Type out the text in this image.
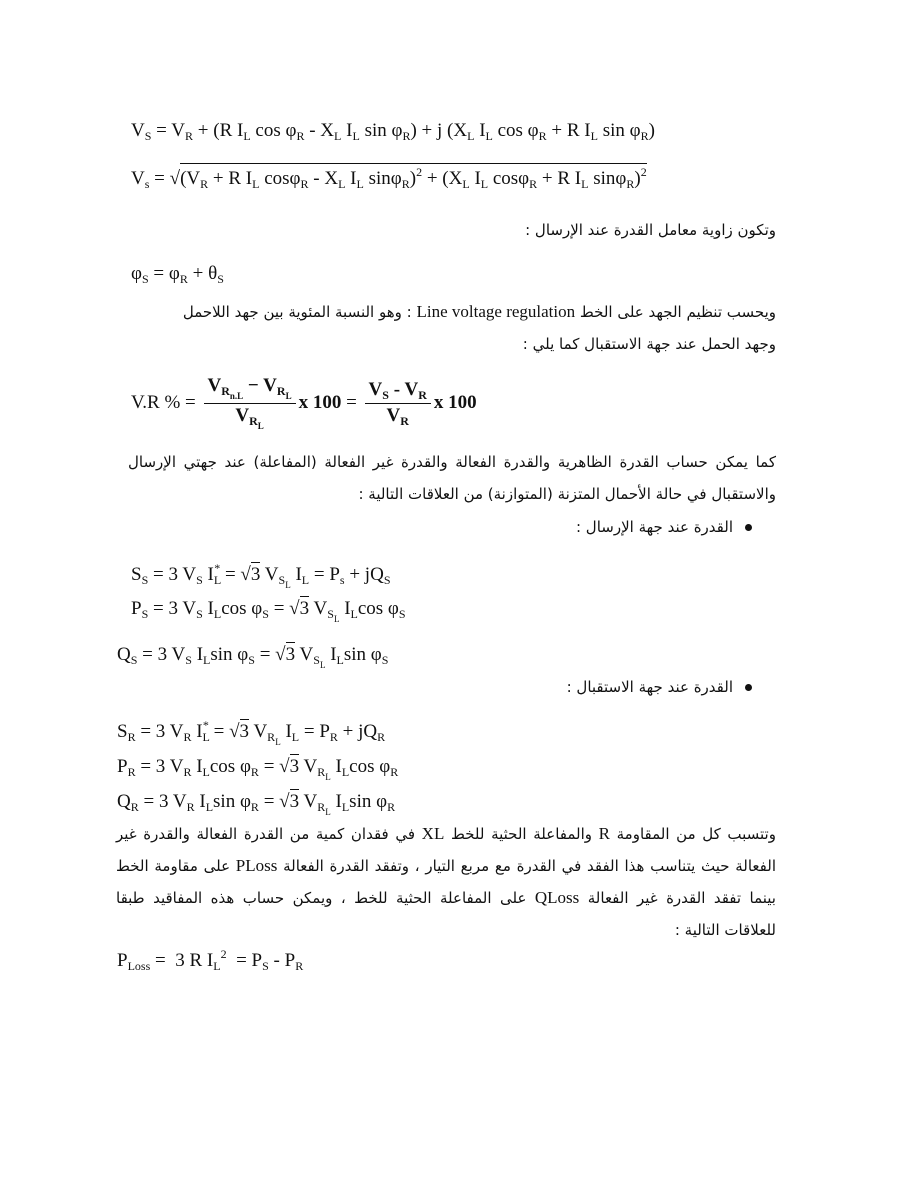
$V_S = V_R + (R$ $I_L$ $\cos \varphi_R - X_L$ $I_L$ $\sin \varphi_R) + j$ ($X_L$ $I_L$ $\cos \varphi_R + R$ $I_L$ $\sin \varphi_R$)
$V_s = √(V_R + R$ $I_L$ $\cos\varphi_R - X_L$ $I_L$ $\sin\varphi_R)^2 + (X_L$ $I_L$ cosφ$_R$ + R $I_L$ sinφ$_R$)$^2$
وتكون زاوية معامل القدرة عند الإرسال :
$\varphi_S = \varphi_R + \theta_S$
ويحسب تنظيم الجهد على الخط Line voltage regulation : وهو النسبة المئوية بين جهد اللاحمل
وجهد الحمل عند جهة الاستقبال كما يلي :
V.R % = $\frac{V_{R_{n.L}} - V_{R_L}}{V_{R_L}}$ x $100 = \frac{V_S - V_R}{V_R}$ x 100
كما يمكن حساب القدرة الظاهرية والقدرة الفعالة والقدرة غير الفعالة (المفاعلة) عند جهتي الإرسال والاستقبال في حالة الأحمال المتزنة (المتوازنة) من العلاقات التالية :
القدرة عند جهة الإرسال :
$S_S = 3$ $V_S$ $I_L^* = √3$ $V_{S_L}$ $I_L = P_s + jQ_S$
$P_S = 3$ $V_S$ $I_L\cos$ $\varphi_S = √3$ $V_{S_L}$ $I_L\cos$ $\varphi_S$
$Q_S = 3$ $V_S$ $I_L\sin$ $\varphi_S = √3$ $V_{S_L}$ $I_L\sin$ $\varphi_S$
القدرة عند جهة الاستقبال :
$S_R = 3$ $V_R$ $I_L^* = √3$ $V_{R_L}$ $I_L = P_R + jQ_R$
$P_R = 3$ $V_R$ $I_L\cos$ $\varphi_R = √3$ $V_{R_L}$ $I_L\cos$ $\varphi_R$
$Q_R = 3$ $V_R$ $I_L\sin$ $\varphi_R = √3$ $V_{R_L}$ $I_L\sin$ $\varphi_R$
وتتسبب كل من المقاومة R والمفاعلة الحثية للخط XL في فقدان كمية من القدرة الفعالة والقدرة غير الفعالة حيث يتناسب هذا الفقد في القدرة مع مربع التيار ، وتفقد القدرة الفعالة PLoss على مقاومة الخط بينما تفقد القدرة غير الفعالة QLoss على المفاعلة الحثية للخط ، ويمكن حساب هذه المفاقيد طبقا للعلاقات التالية :
$P_{Loss} = 3$ R $I_L^2 = P_S - P_R$
